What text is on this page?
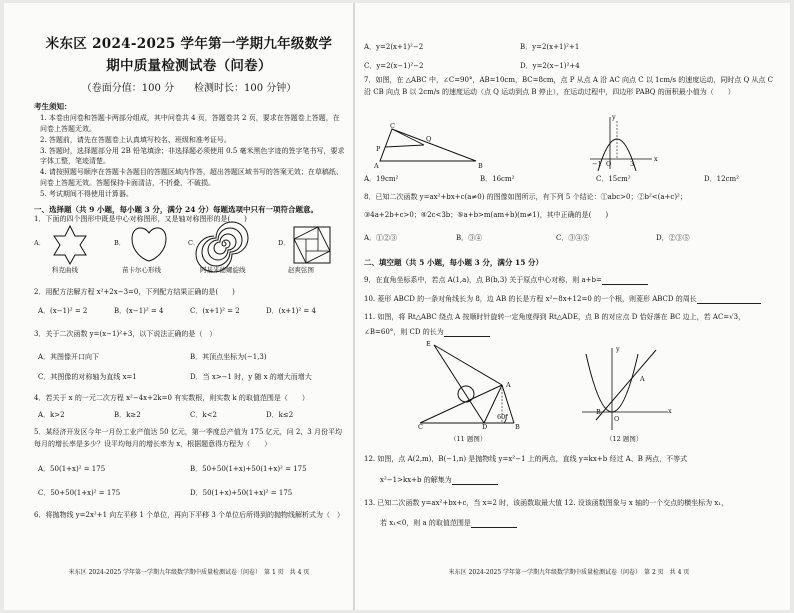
米东区 2024-2025 学年第一学期九年级数学
期中质量检测试卷（问卷）
（卷面分值：100 分　　检测时长：100 分钟）
考生须知：
1. 本卷由问卷和答题卡两部分组成，其中问卷共 4 页，答题卷共 2 页，要求在答题卷上答题，在问卷上答题无效。
2. 答题前，请先在答题卷上认真填写校名、班级和准考证号。
3. 答题时，选择题部分用 2B 铅笔填涂；非选择题必须使用 0.5 毫米黑色字迹的签字笔书写，要求字体工整，笔迹清楚。
4. 请按照题号顺序在答题卡各题目的答题区域内作答，超出答题区域书写的答案无效；在草稿纸、问卷上答题无效。答题保持卡面清洁，不折叠，不破损。
5. 考试期间不得使用计算器。
一、选择题（共 9 小题，每小题 3 分，满分 24 分）每题选项中只有一项符合题意。
1．下面的四个图形中既是中心对称图形，又是轴对称图形的是(　　)
A．
科克曲线
B．
苗卡尔心形线
C．
阿基米德螺旋线
D．
赵爽弦图
2．用配方法解方程 x²+2x−3=0，下列配方结果正确的是(　　)
A．(x−1)² = 2	B．(x−1)² = 4	C．(x+1)² = 2	D．(x+1)² = 4
3．关于二次函数 y=(x−1)²+3，以下说法正确的是（　）
A．其图像开口向下	B．其顶点坐标为(−1,3)
C．其图像的对称轴为直线 x=1	D．当 x>−1 时，y 随 x 的增大而增大
4．若关于 x 的一元二次方程 x²−4x+2k=0 有实数根，则实数 k 的取值范围是（　　）
A．k>2	B．k≥2	C．k<2	D．k≤2
5．某经济开发区今年一月份工业产值达 50 亿元，第一季度总产值为 175 亿元，问 2、3 月份平均每月的增长率是多少？设平均每月的增长率为 x，根据题意得方程为（　　）
A．50(1+x)² = 175	B．50+50(1+x)+50(1+x)² = 175
C．50+50(1+x)² = 175	D．50(1+x)+50(1+x)² = 175
6．将抛物线 y=2x²+1 向左平移 1 个单位，再向下平移 3 个单位后所得到的抛物线解析式为（　）
米东区 2024-2025 学年第一学期九年级数学期中质量检测试卷（问卷）　第 1 页　共 4 页
A．y=2(x+1)²−2	B．y=2(x+1)²+1
C．y=2(x−1)²−2	D．y=2(x−1)²+4
7．如图，在 △ABC 中，∠C=90°，AB=10cm，BC=8cm，点 P 从点 A 沿 AC 向点 C 以 1cm/s 的速度运动，同时点 Q 从点 C 沿 CB 向点 B 以 2cm/s 的速度运动（点 Q 运动到点 B 停止），在运动过程中，四边形 PABQ 的面积最小值为（　　）
C
Q
P
A	B
y
x
−1 O	3
A．19cm²	B．16cm²	C．15cm²	D．12cm²
8．已知二次函数 y=ax²+bx+c(a≠0) 的图像如图所示，有下列 5 个结论：①abc>0；②b²<(a+c)²；
③4a+2b+c>0；④2c<3b；⑤a+b>m(am+b)(m≠1)，其中正确的是(　　)
A．①②③	B．③④	C．③④⑤	D．②③⑤
二、填空题（共 5 小题，每小题 3 分，满分 15 分）
9．在直角坐标系中，若点 A(1,a)，点 B(b,3) 关于原点中心对称，则 a+b=
10. 菱形 ABCD 的一条对角线长为 8，边 AB 的长是方程 x²−8x+12=0 的一个根，则菱形 ABCD 的周长
11. 如图，将 Rt△ABC 绕点 A 按顺时针旋转一定角度得到 Rt△ADE，点 B 的对应点 D 恰好落在 BC 边上，若 AC=√3，
∠B=60°，则 CD 的长为
E
A
D
C	B
60°
（11 题图）
y
x
A
B
O
（12 题图）
12. 如图，点 A(2,m)，B(−1,n) 是抛物线 y=x²−1 上的两点，直线 y=kx+b 经过 A、B 两点，不等式
x²−1>kx+b 的解集为
13. 已知二次函数 y=ax²+bx+c，当 x=2 时，该函数取最大值 12. 设该函数图象与 x 轴的一个交点的横坐标为 x₁，
若 x₁<0，则 a 的取值范围是
米东区 2024-2025 学年第一学期九年级数学期中质量检测试卷（问卷）　第 2 页　共 4 页
